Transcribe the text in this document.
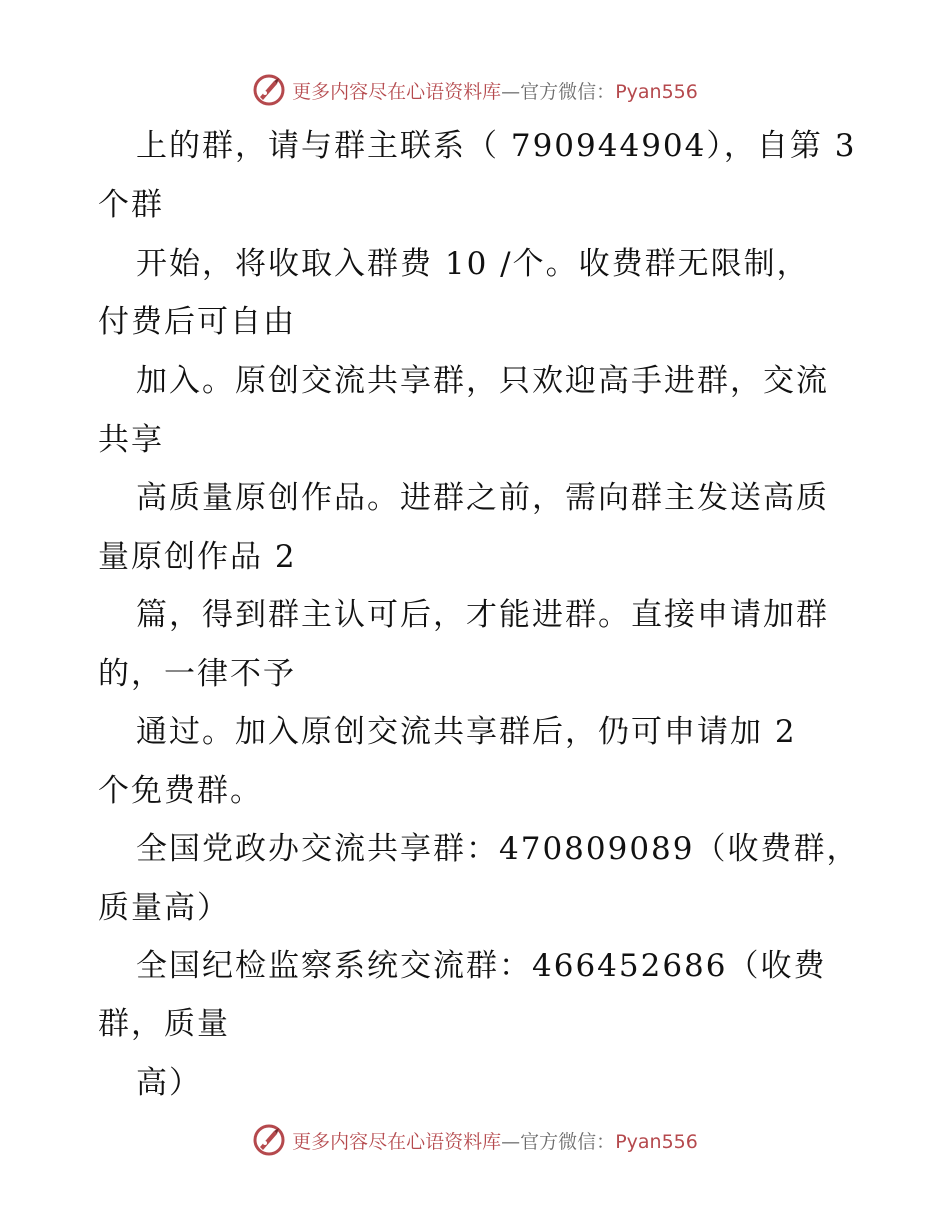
更多内容尽在心语资料库—官方微信：Pyan556
上的群，请与群主联系（ 790944904），自第 3
个群
开始，将收取入群费 10 /个。收费群无限制，
付费后可自由
加入。原创交流共享群，只欢迎高手进群，交流
共享
高质量原创作品。进群之前，需向群主发送高质
量原创作品 2
篇，得到群主认可后，才能进群。直接申请加群
的，一律不予
通过。加入原创交流共享群后，仍可申请加 2
个免费群。
全国党政办交流共享群：470809089（收费群，
质量高）
全国纪检监察系统交流群：466452686（收费
群，质量
高）
更多内容尽在心语资料库—官方微信：Pyan556
